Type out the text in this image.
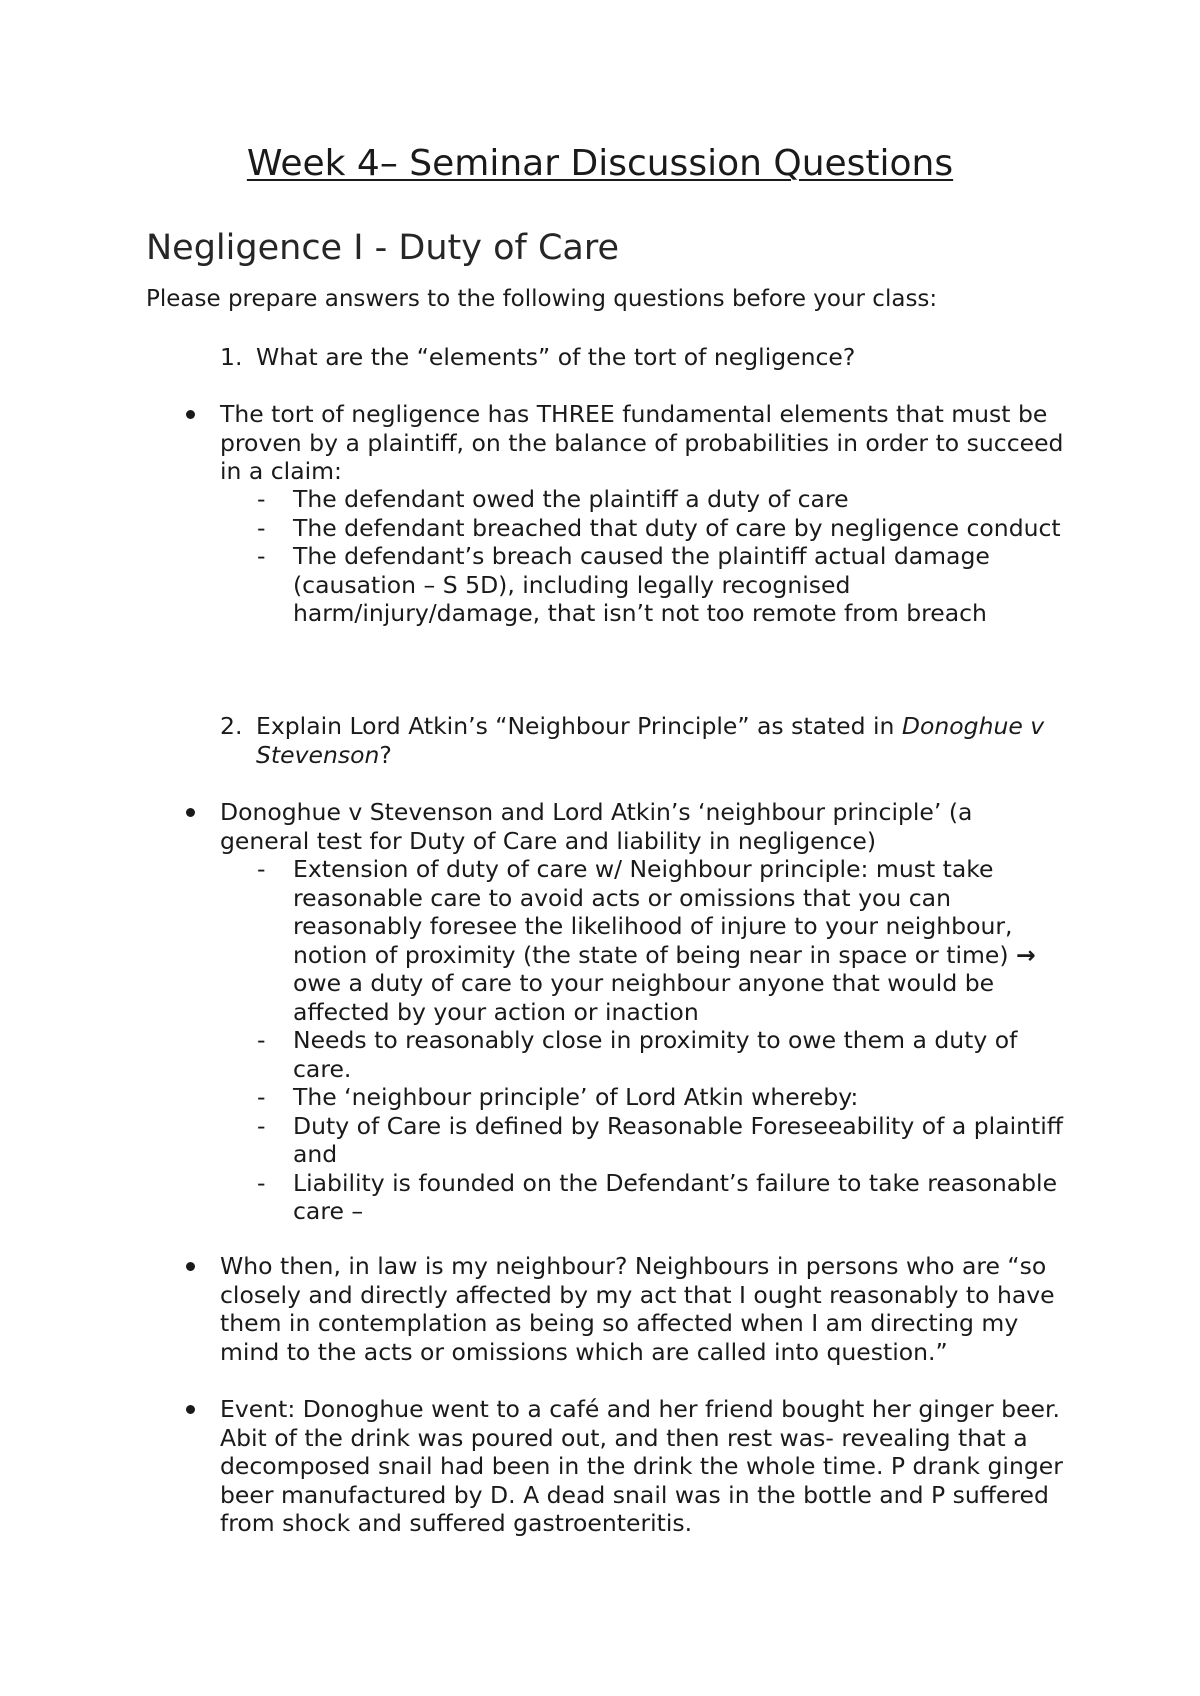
Week 4– Seminar Discussion Questions
Negligence I - Duty of Care

Please prepare answers to the following questions before your class:

1. What are the “elements” of the tort of negligence?
The tort of negligence has THREE fundamental elements that must be proven by a plaintiff, on the balance of probabilities in order to succeed in a claim:
- The defendant owed the plaintiff a duty of care
- The defendant breached that duty of care by negligence conduct
- The defendant’s breach caused the plaintiff actual damage (causation – S 5D), including legally recognised harm/injury/damage, that isn’t not too remote from breach
2. Explain Lord Atkin’s “Neighbour Principle” as stated in Donoghue v Stevenson?
Donoghue v Stevenson and Lord Atkin’s ‘neighbour principle’ (a general test for Duty of Care and liability in negligence)
- Extension of duty of care w/ Neighbour principle: must take reasonable care to avoid acts or omissions that you can reasonably foresee the likelihood of injure to your neighbour, notion of proximity (the state of being near in space or time) → owe a duty of care to your neighbour anyone that would be affected by your action or inaction
- Needs to reasonably close in proximity to owe them a duty of care.
- The ‘neighbour principle’ of Lord Atkin whereby:
- Duty of Care is defined by Reasonable Foreseeability of a plaintiff and
- Liability is founded on the Defendant’s failure to take reasonable care –
Who then, in law is my neighbour? Neighbours in persons who are “so closely and directly affected by my act that I ought reasonably to have them in contemplation as being so affected when I am directing my mind to the acts or omissions which are called into question.”
Event: Donoghue went to a café and her friend bought her ginger beer. Abit of the drink was poured out, and then rest was- revealing that a decomposed snail had been in the drink the whole time. P drank ginger beer manufactured by D. A dead snail was in the bottle and P suffered from shock and suffered gastroenteritis.
